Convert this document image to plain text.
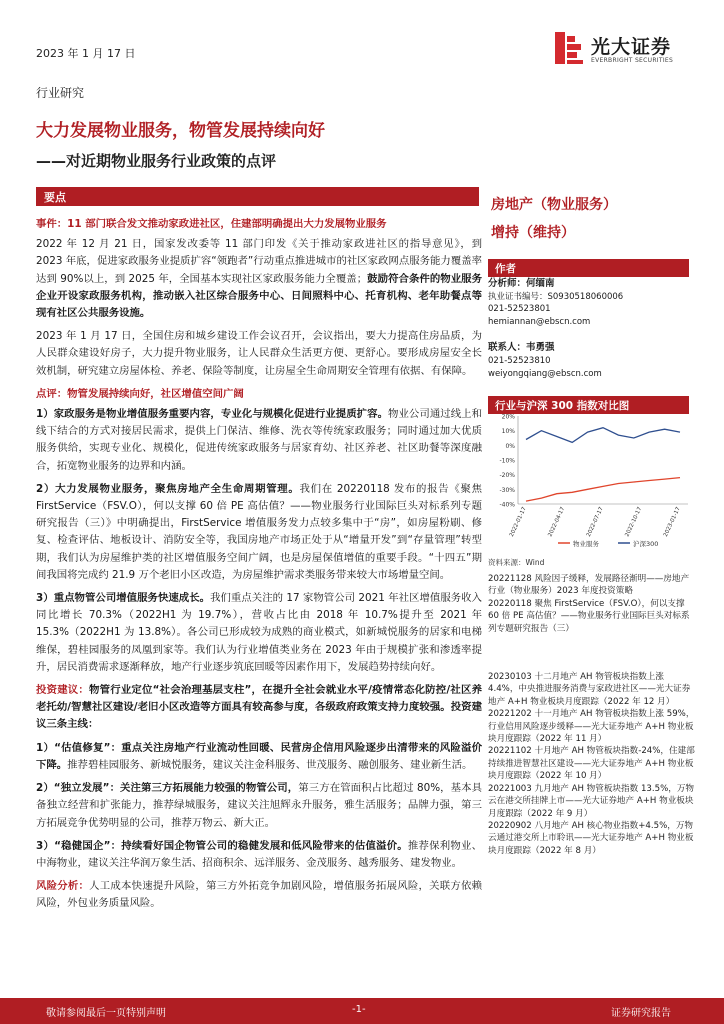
2023 年 1 月 17 日	光大证券
EVERBRIGHT SECURITIES
行业研究
大力发展物业服务，物管发展持续向好
——对近期物业服务行业政策的点评
要点

事件：11 部门联合发文推动家政进社区，住建部明确提出大力发展物业服务

2022 年 12 月 21 日，国家发改委等 11 部门印发《关于推动家政进社区的指导意见》，到 2023 年底，促进家政服务业提质扩容“领跑者”行动重点推进城市的社区家政网点服务能力覆盖率达到 90%以上，到 2025 年，全国基本实现社区家政服务能力全覆盖；鼓励符合条件的物业服务企业开设家政服务机构，推动嵌入社区综合服务中心、日间照料中心、托育机构、老年助餐点等现有社区公共服务设施。

2023 年 1 月 17 日，全国住房和城乡建设工作会议召开，会议指出，要大力提高住房品质，为人民群众建设好房子，大力提升物业服务，让人民群众生活更方便、更舒心。要形成房屋安全长效机制，研究建立房屋体检、养老、保险等制度，让房屋全生命周期安全管理有依据、有保障。

点评：物管发展持续向好，社区增值空间广阔

1）家政服务是物业增值服务重要内容，专业化与规模化促进行业提质扩容。物业公司通过线上和线下结合的方式对接居民需求，提供上门保洁、维修、洗衣等传统家政服务；同时通过加大优质服务供给，实现专业化、规模化，促进传统家政服务与居家育幼、社区养老、社区助餐等深度融合，拓宽物业服务的边界和内涵。

2）大力发展物业服务，聚焦房地产全生命周期管理。我们在 20220118 发布的报告《聚焦 FirstService（FSV.O），何以支撑 60 倍 PE 高估值？——物业服务行业国际巨头对标系列专题研究报告（三）》中明确提出，FirstService 增值服务发力点较多集中于“房”，如房屋粉刷、修复、检查评估、地板设计、消防安全等，我国房地产市场正处于从“增量开发”到“存量管理”转型期，我们认为房屋维护类的社区增值服务空间广阔，也是房屋保值增值的重要手段。“十四五”期间我国将完成约 21.9 万个老旧小区改造，为房屋维护需求类服务带来较大市场增量空间。

3）重点物管公司增值服务快速成长。我们重点关注的 17 家物管公司 2021 年社区增值服务收入同比增长 70.3%（2022H1 为 19.7%），营收占比由 2018 年 10.7%提升至 2021 年 15.3%（2022H1 为 13.8%）。各公司已形成较为成熟的商业模式，如新城悦服务的居家和电梯维保，碧桂园服务的凤凰到家等。我们认为行业增值类业务在 2023 年由于规模扩张和渗透率提升，居民消费需求逐渐释放，地产行业逐步筑底回暖等因素作用下，发展趋势持续向好。

投资建议：物管行业定位“社会治理基层支柱”，在提升全社会就业水平/疫情常态化防控/社区养老托幼/智慧社区建设/老旧小区改造等方面具有较高参与度，各级政府政策支持力度较强。投资建议三条主线：

1）“估值修复”：重点关注房地产行业流动性回暖、民营房企信用风险逐步出清带来的风险溢价下降。推荐碧桂园服务、新城悦服务，建议关注金科服务、世茂服务、融创服务、建业新生活。

2）“独立发展”：关注第三方拓展能力较强的物管公司，第三方在管面积占比超过 80%，基本具备独立经营和扩张能力，推荐绿城服务，建议关注旭辉永升服务，雅生活服务；品牌力强，第三方拓展竞争优势明显的公司，推荐万物云、新大正。

3）“稳健国企”：持续看好国企物管公司的稳健发展和低风险带来的估值溢价。推荐保利物业、中海物业，建议关注华润万象生活、招商积余、远洋服务、金茂服务、越秀服务、建发物业。

风险分析：人工成本快速提升风险，第三方外拓竞争加剧风险，增值服务拓展风险，关联方依赖风险，外包业务质量风险。

房地产（物业服务）
增持（维持）
作者
分析师：何缅南
执业证书编号：S0930518060006
021-52523801
hemiannan@ebscn.com
联系人：韦勇强
021-52523810
weiyongqiang@ebscn.com
行业与沪深 300 指数对比图
20%
10%
0%
-10%
-20%
-30%
-40%
2022-01-17	2022-04-17	2022-07-17	2022-10-17	2023-01-17
物业服务	沪深300
资料来源：Wind
20221128 风险因子缓释，发展路径渐明——房地产行业（物业服务）2023 年度投资策略
20220118 聚焦 FirstService（FSV.O），何以支撑 60 倍 PE 高估值？——物业服务行业国际巨头对标系列专题研究报告（三）
20230103 十二月地产 AH 物管板块指数上涨 4.4%，中央推进服务消费与家政进社区——光大证券地产 A+H 物业板块月度跟踪（2022 年 12 月）
20221202 十一月地产 AH 物管板块指数上涨 59%，行业信用风险逐步缓释——光大证券地产 A+H 物业板块月度跟踪（2022 年 11 月）
20221102 十月地产 AH 物管板块指数-24%，住建部持续推进智慧社区建设——光大证券地产 A+H 物业板块月度跟踪（2022 年 10 月）
20221003 九月地产 AH 物管板块指数 13.5%，万物云在港交所挂牌上市——光大证券地产 A+H 物业板块月度跟踪（2022 年 9 月）
20220902 八月地产 AH 核心物业指数+4.5%，万物云通过港交所上市聆讯——光大证券地产 A+H 物业板块月度跟踪（2022 年 8 月）
敬请参阅最后一页特别声明	-1-	证券研究报告
